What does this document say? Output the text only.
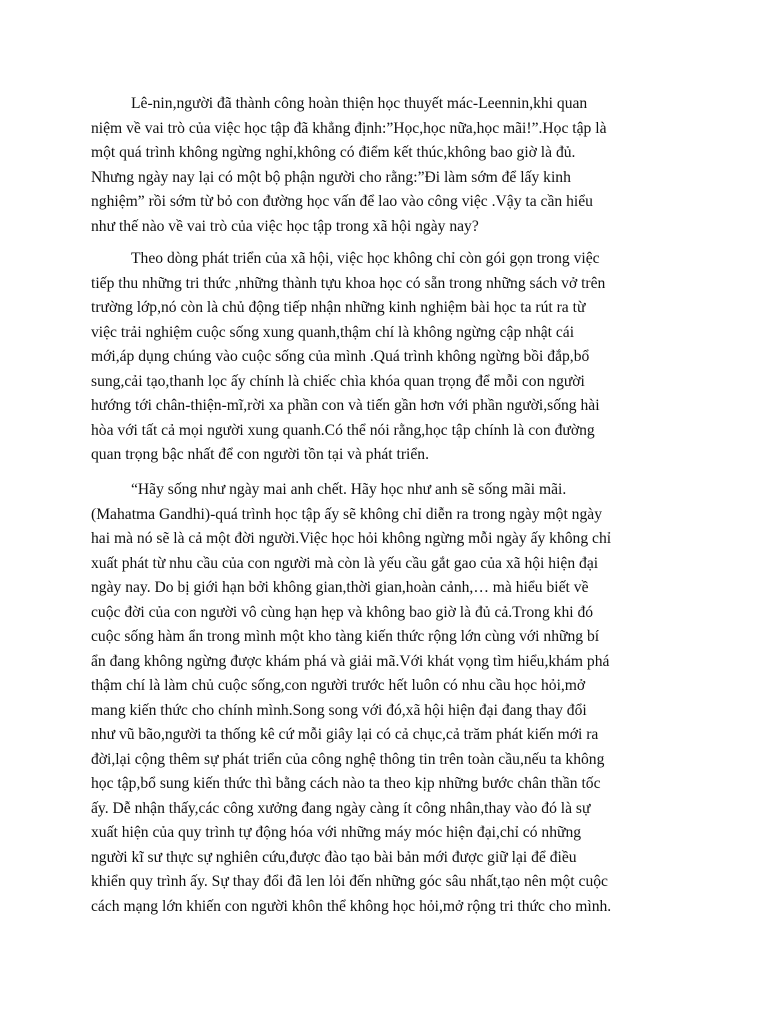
Lê-nin,người đã thành công hoàn thiện học thuyết mác-Leennin,khi quan
niệm về vai trò của việc học tập đã khẳng định:”Học,học nữa,học mãi!”.Học tập là
một quá trình không ngừng nghỉ,không có điểm kết thúc,không bao giờ là đủ.
Nhưng ngày nay lại có một bộ phận người cho rằng:”Đi làm sớm để lấy kinh
nghiệm” rồi sớm từ bỏ con đường học vấn để lao vào công việc .Vậy ta cần hiểu
như thế nào về vai trò của việc học tập trong xã hội ngày nay?
Theo dòng phát triển của xã hội, việc học không chỉ còn gói gọn trong việc
tiếp thu những tri thức ,những thành tựu khoa học có sẵn trong những sách vở trên
trường lớp,nó còn là chủ động tiếp nhận những kinh nghiệm bài học ta rút ra từ
việc trải nghiệm cuộc sống xung quanh,thậm chí là không ngừng cập nhật cái
mới,áp dụng chúng vào cuộc sống của mình .Quá trình không ngừng bồi đắp,bổ
sung,cải tạo,thanh lọc ấy chính là chiếc chìa khóa quan trọng để mỗi con người
hướng tới chân-thiện-mĩ,rời xa phần con và tiến gần hơn với phần người,sống hài
hòa với tất cả mọi người xung quanh.Có thể nói rằng,học tập chính là con đường
quan trọng bậc nhất để con người tồn tại và phát triển.
“Hãy sống như ngày mai anh chết. Hãy học như anh sẽ sống mãi mãi.
(Mahatma Gandhi)-quá trình học tập ấy sẽ không chỉ diễn ra trong ngày một ngày
hai mà nó sẽ là cả một đời người.Việc học hỏi không ngừng mỗi ngày ấy không chỉ
xuất phát từ nhu cầu của con người mà còn là yếu cầu gắt gao của xã hội hiện đại
ngày nay. Do bị giới hạn bởi không gian,thời gian,hoàn cảnh,… mà hiểu biết về
cuộc đời của con người vô cùng hạn hẹp và không bao giờ là đủ cả.Trong khi đó
cuộc sống hàm ẩn trong mình một kho tàng kiến thức rộng lớn cùng với những bí
ẩn đang không ngừng được khám phá và giải mã.Với khát vọng tìm hiểu,khám phá
thậm chí là làm chủ cuộc sống,con người trước hết luôn có nhu cầu học hỏi,mở
mang kiến thức cho chính mình.Song song với đó,xã hội hiện đại đang thay đổi
như vũ bão,người ta thống kê cứ mỗi giây lại có cả chục,cả trăm phát kiến mới ra
đời,lại cộng thêm sự phát triển của công nghệ thông tin trên toàn cầu,nếu ta không
học tập,bổ sung kiến thức thì bằng cách nào ta theo kịp những bước chân thần tốc
ấy. Dễ nhận thấy,các công xưởng đang ngày càng ít công nhân,thay vào đó là sự
xuất hiện của quy trình tự động hóa với những máy móc hiện đại,chỉ có những
người kĩ sư thực sự nghiên cứu,được đào tạo bài bản mới được giữ lại để điều
khiển quy trình ấy. Sự thay đổi đã len lỏi đến những góc sâu nhất,tạo nên một cuộc
cách mạng lớn khiến con người khôn thể không học hỏi,mở rộng tri thức cho mình.
